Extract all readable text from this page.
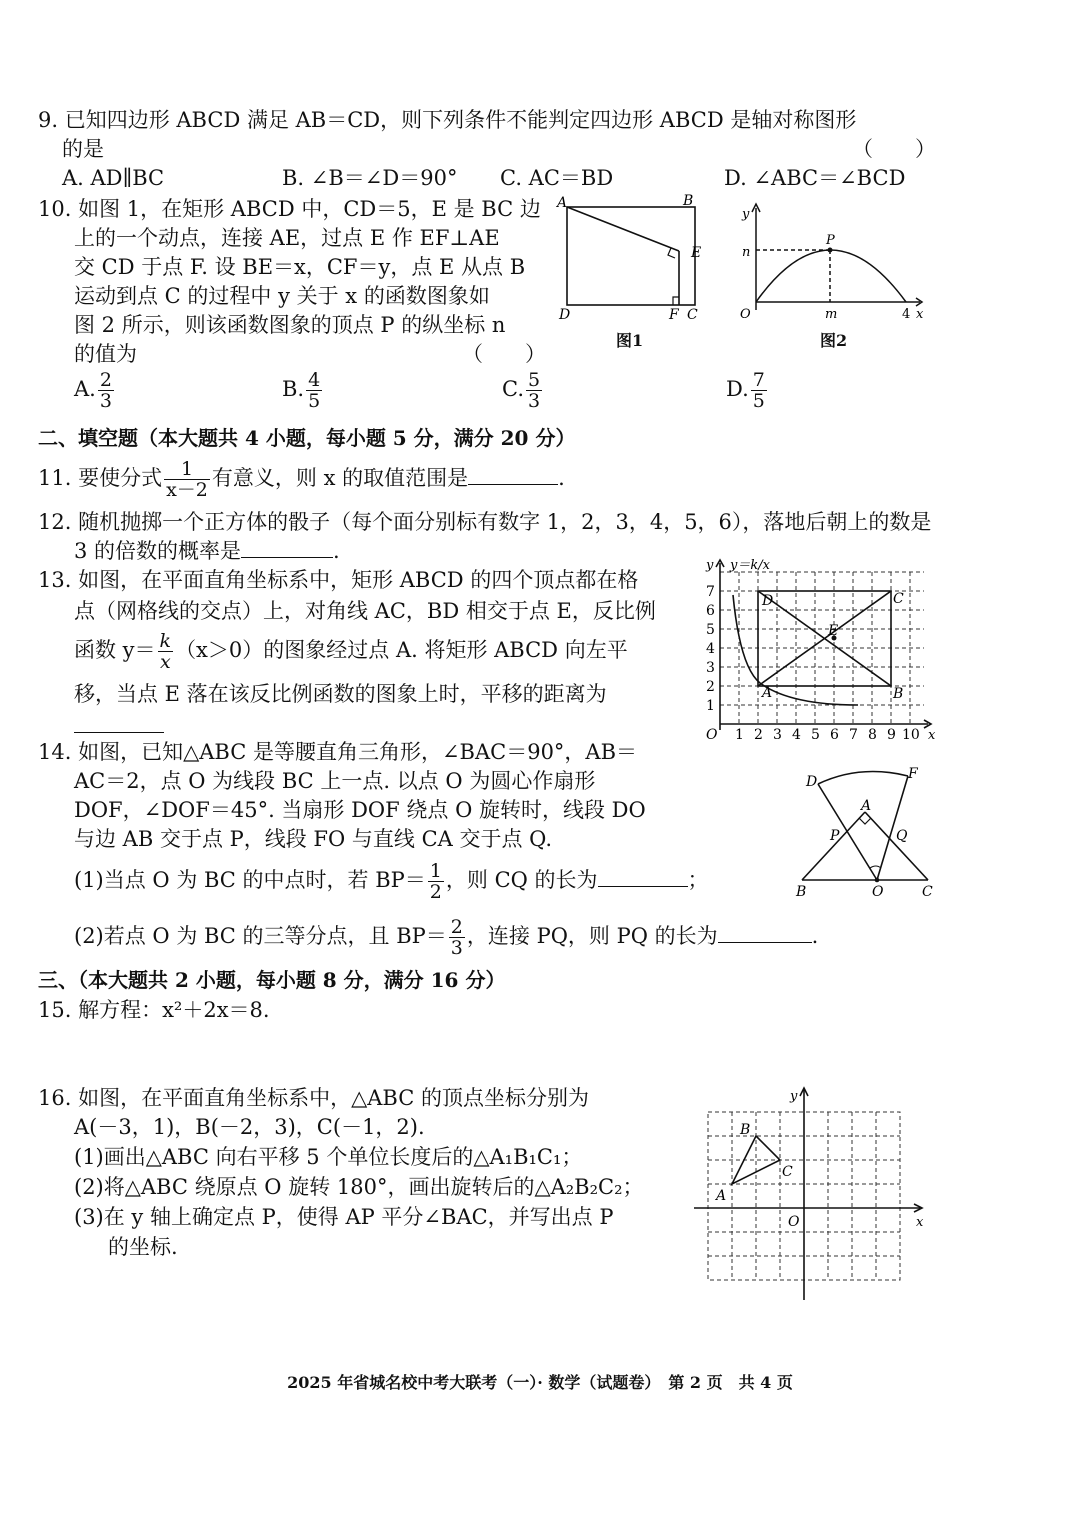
9. 已知四边形 ABCD 满足 AB＝CD，则下列条件不能判定四边形 ABCD 是轴对称图形
的是	（　　）
A. AD∥BC	B. ∠B＝∠D＝90° C. AC＝BD	D. ∠ABC＝∠BCD
10. 如图 1，在矩形 ABCD 中，CD＝5，E 是 BC 边
上的一个动点，连接 AE，过点 E 作 EF⊥AE
交 CD 于点 F. 设 BE＝x，CF＝y，点 E 从点 B
运动到点 C 的过程中 y 关于 x 的函数图象如
图 2 所示，则该函数图象的顶点 P 的纵坐标 n
的值为	（　　）
A	B
E
D	F C
图1
y
n
P
O	m	4 x
图2
A. $\frac{2}{3}$	B. $\frac{4}{5}$	C. $\frac{5}{3}$	D. $\frac{7}{5}$
二、填空题（本大题共 4 小题，每小题 5 分，满分 20 分）
11. 要使分式 $\frac{1}{x-2}$ 有意义，则 x 的取值范围是	.
12. 随机抛掷一个正方体的骰子（每个面分别标有数字 1，2，3，4，5，6），落地后朝上的数是
3 的倍数的概率是	.
13. 如图，在平面直角坐标系中，矩形 ABCD 的四个顶点都在格
点（网格线的交点）上，对角线 AC，BD 相交于点 E，反比例
函数 $y= \frac{k}{x} (x>0)$的图象经过点 A. 将矩形 ABCD 向左平
移，当点 E 落在该反比例函数的图象上时，平移的距离为	1
2
3
4
5
6
7
1 2 3 4 5 6 7 8 9 10
O
y
x
y＝k/x
D	C
E
A	B
14. 如图，已知△ABC 是等腰直角三角形，∠BAC＝90°，AB＝
AC＝2，点 O 为线段 BC 上一点. 以点 O 为圆心作扇形
DOF，∠DOF＝45°. 当扇形 DOF 绕点 O 旋转时，线段 DO
与边 AB 交于点 P，线段 FO 与直线 CA 交于点 Q.
(1)当点 O 为 BC 的中点时，若 $BP= \frac{1}{2}$ ，则 CQ 的长为	；
(2)若点 O 为 BC 的三等分点，且 $BP= \frac{2}{3}$ ，连接 PQ，则 PQ 的长为	.
D	F
A
P	Q
B	O	C
三、（本大题共 2 小题，每小题 8 分，满分 16 分）
15. 解方程：x²＋2x＝8.
16. 如图，在平面直角坐标系中，△ABC 的顶点坐标分别为
A(－3，1)，B(－2，3)，C(－1，2).
(1)画出△ABC 向右平移 5 个单位长度后的△A₁B₁C₁；
(2)将△ABC 绕原点 O 旋转 180°，画出旋转后的△A₂B₂C₂；
(3)在 y 轴上确定点 P，使得 AP 平分∠BAC，并写出点 P
的坐标.
y
x
O
A
B
C
2025 年省城名校中考大联考（一）· 数学（试题卷）　第 2 页　共 4 页
